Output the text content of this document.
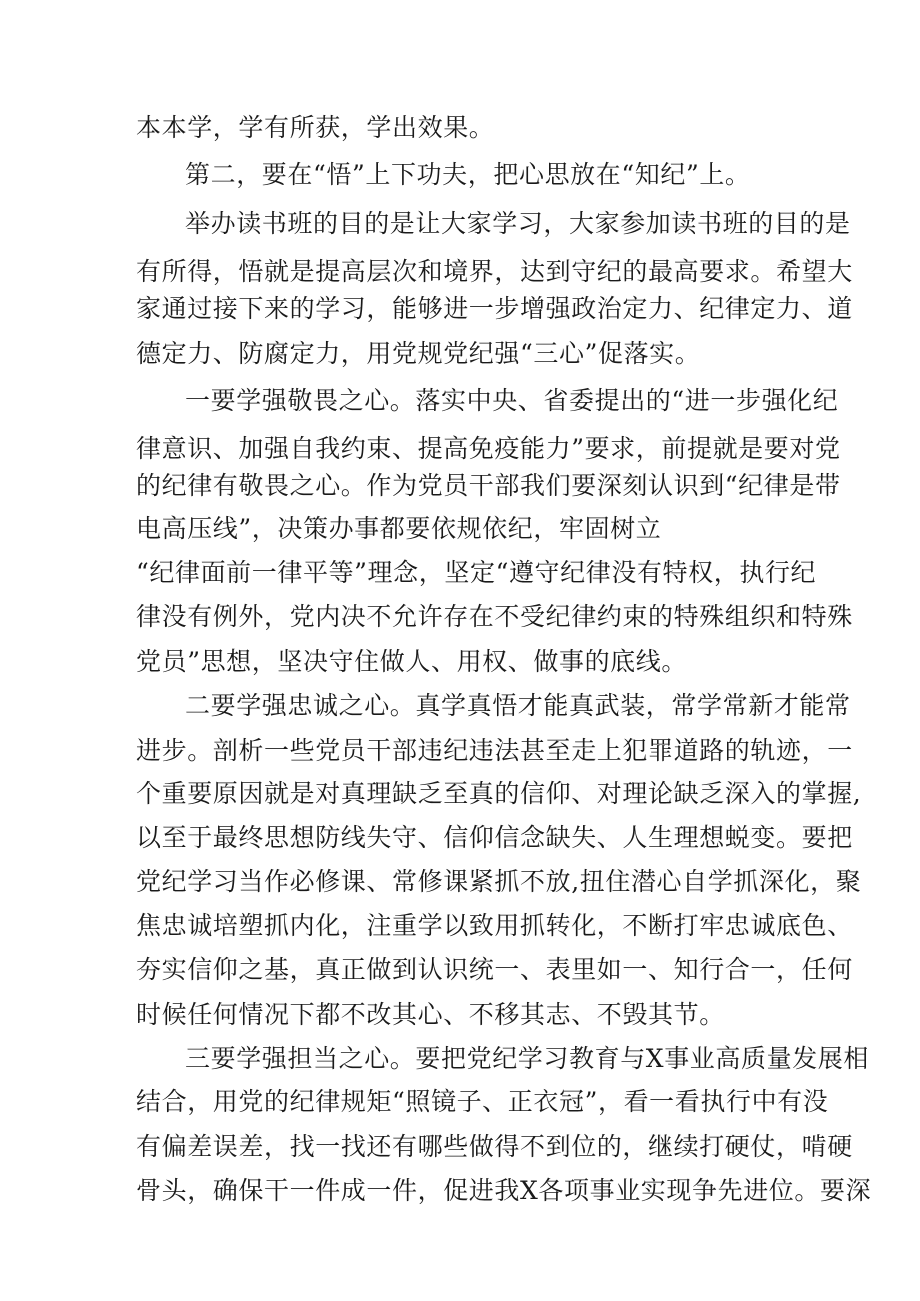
本本学，学有所获，学出效果。
第二，要在“悟”上下功夫，把心思放在“知纪”上。
举办读书班的目的是让大家学习，大家参加读书班的目的是
有所得，悟就是提高层次和境界，达到守纪的最高要求。希望大
家通过接下来的学习，能够进一步增强政治定力、纪律定力、道
德定力、防腐定力，用党规党纪强“三心”促落实。
一要学强敬畏之心。落实中央、省委提出的“进一步强化纪
律意识、加强自我约束、提高免疫能力”要求，前提就是要对党
的纪律有敬畏之心。作为党员干部我们要深刻认识到“纪律是带
电高压线”，决策办事都要依规依纪，牢固树立
“纪律面前一律平等”理念，坚定“遵守纪律没有特权，执行纪
律没有例外，党内决不允许存在不受纪律约束的特殊组织和特殊
党员”思想，坚决守住做人、用权、做事的底线。
二要学强忠诚之心。真学真悟才能真武装，常学常新才能常
进步。剖析一些党员干部违纪违法甚至走上犯罪道路的轨迹，一
个重要原因就是对真理缺乏至真的信仰、对理论缺乏深入的掌握,
以至于最终思想防线失守、信仰信念缺失、人生理想蜕变。要把
党纪学习当作必修课、常修课紧抓不放,扭住潜心自学抓深化，聚
焦忠诚培塑抓内化，注重学以致用抓转化，不断打牢忠诚底色、
夯实信仰之基，真正做到认识统一、表里如一、知行合一，任何
时候任何情况下都不改其心、不移其志、不毁其节。
三要学强担当之心。要把党纪学习教育与X事业高质量发展相
结合，用党的纪律规矩“照镜子、正衣冠”，看一看执行中有没
有偏差误差，找一找还有哪些做得不到位的，继续打硬仗，啃硬
骨头，确保干一件成一件，促进我X各项事业实现争先进位。要深
